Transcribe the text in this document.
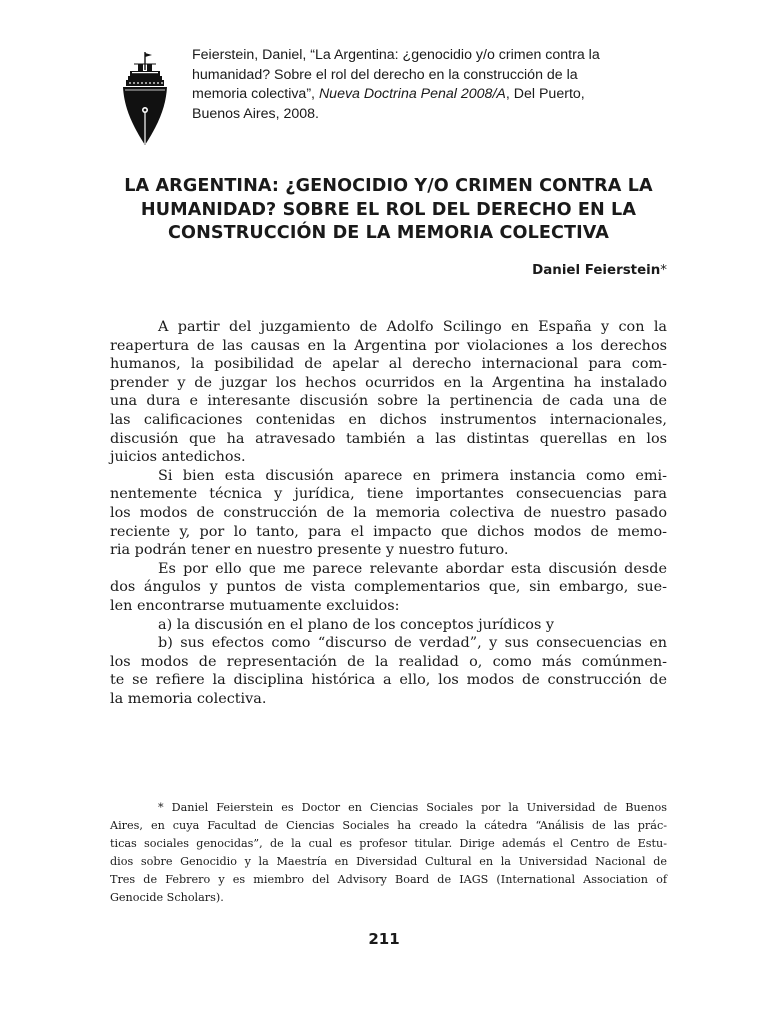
Feierstein, Daniel, “La Argentina: ¿genocidio y/o crimen contra la
humanidad? Sobre el rol del derecho en la construcción de la
memoria colectiva”, Nueva Doctrina Penal 2008/A, Del Puerto,
Buenos Aires, 2008.
LA ARGENTINA: ¿GENOCIDIO Y/O CRIMEN CONTRA LA
HUMANIDAD? SOBRE EL ROL DEL DERECHO EN LA
CONSTRUCCIÓN DE LA MEMORIA COLECTIVA
Daniel Feierstein*
A partir del juzgamiento de Adolfo Scilingo en España y con la
reapertura de las causas en la Argentina por violaciones a los derechos
humanos, la posibilidad de apelar al derecho internacional para com-
prender y de juzgar los hechos ocurridos en la Argentina ha instalado
una dura e interesante discusión sobre la pertinencia de cada una de
las calificaciones contenidas en dichos instrumentos internacionales,
discusión que ha atravesado también a las distintas querellas en los
juicios antedichos.
Si bien esta discusión aparece en primera instancia como emi-
nentemente técnica y jurídica, tiene importantes consecuencias para
los modos de construcción de la memoria colectiva de nuestro pasado
reciente y, por lo tanto, para el impacto que dichos modos de memo-
ria podrán tener en nuestro presente y nuestro futuro.
Es por ello que me parece relevante abordar esta discusión desde
dos ángulos y puntos de vista complementarios que, sin embargo, sue-
len encontrarse mutuamente excluidos:
a) la discusión en el plano de los conceptos jurídicos y
b) sus efectos como “discurso de verdad”, y sus consecuencias en
los modos de representación de la realidad o, como más comúnmen-
te se refiere la disciplina histórica a ello, los modos de construcción de
la memoria colectiva.
* Daniel Feierstein es Doctor en Ciencias Sociales por la Universidad de Buenos
Aires, en cuya Facultad de Ciencias Sociales ha creado la cátedra “Análisis de las prác-
ticas sociales genocidas”, de la cual es profesor titular. Dirige además el Centro de Estu-
dios sobre Genocidio y la Maestría en Diversidad Cultural en la Universidad Nacional de
Tres de Febrero y es miembro del Advisory Board de IAGS (International Association of
Genocide Scholars).
211
